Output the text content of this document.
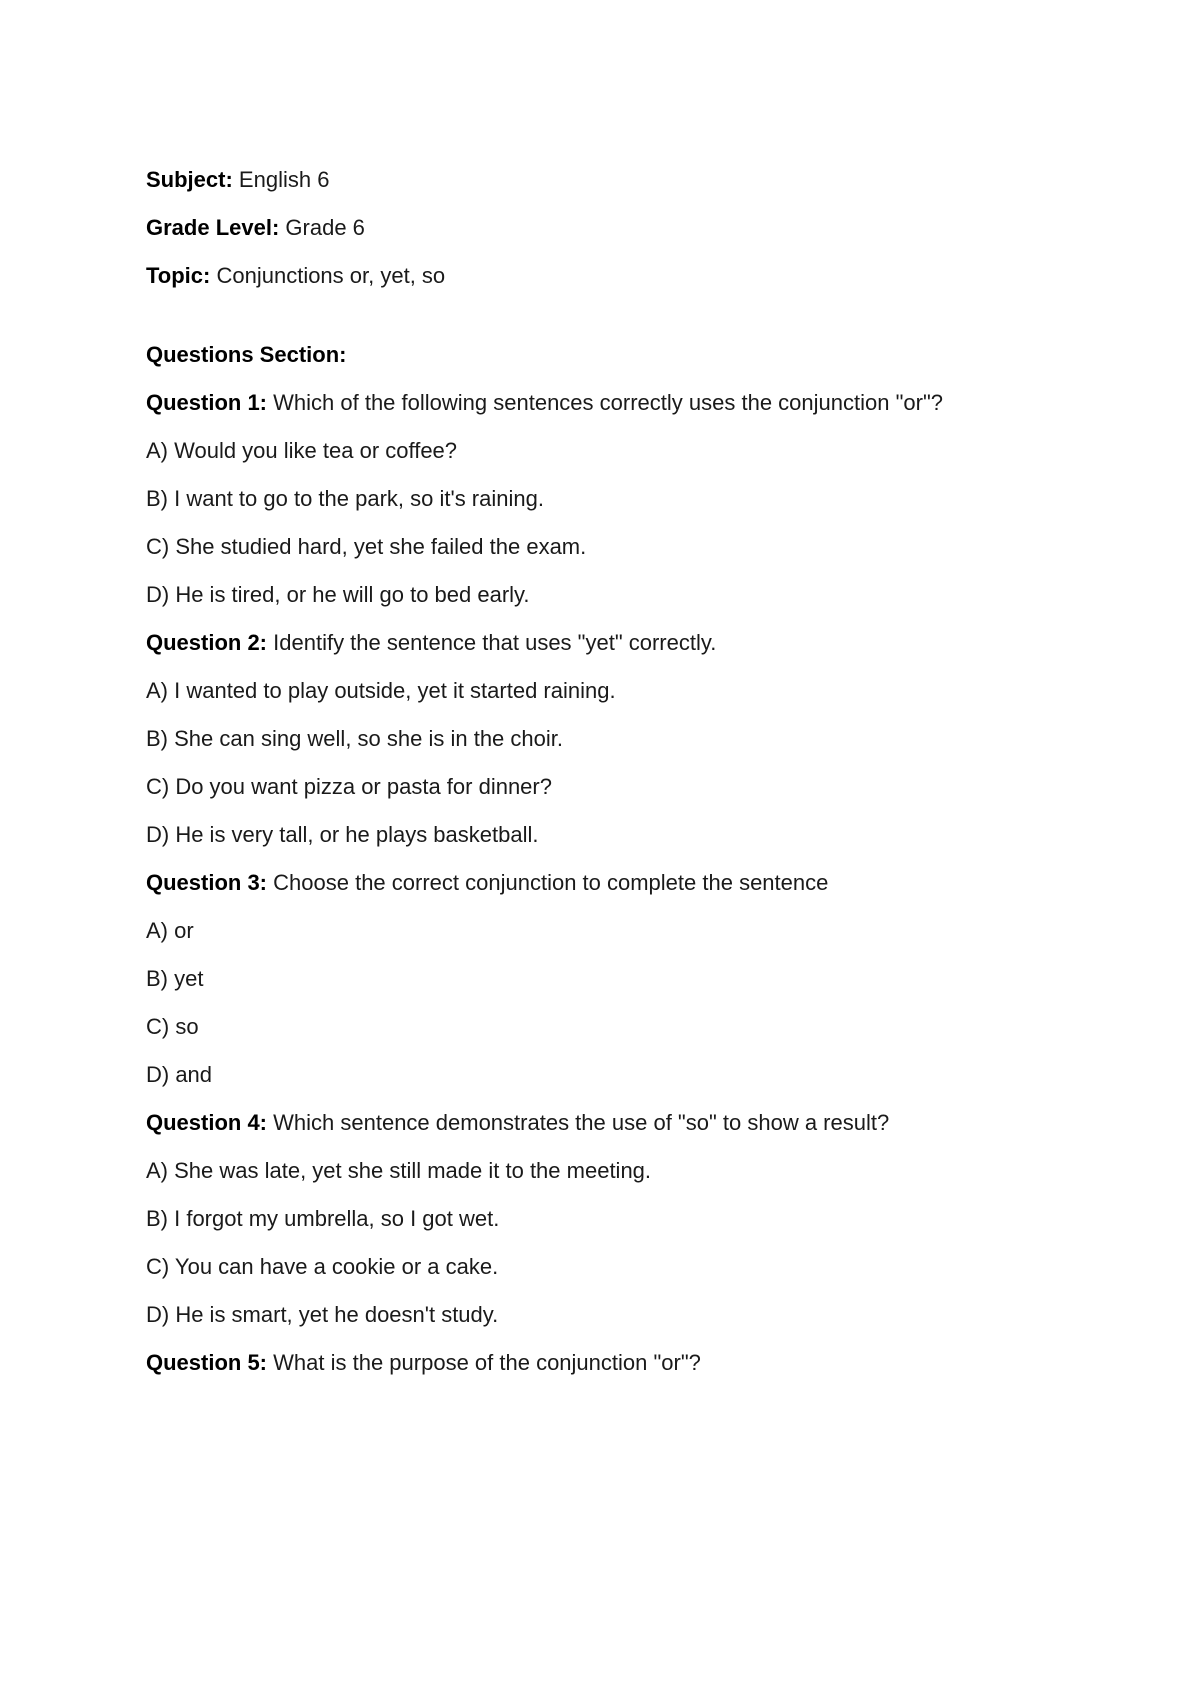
Subject: English 6
Grade Level: Grade 6
Topic: Conjunctions or, yet, so
Questions Section:
Question 1: Which of the following sentences correctly uses the conjunction "or"?
A) Would you like tea or coffee?
B) I want to go to the park, so it's raining.
C) She studied hard, yet she failed the exam.
D) He is tired, or he will go to bed early.
Question 2: Identify the sentence that uses "yet" correctly.
A) I wanted to play outside, yet it started raining.
B) She can sing well, so she is in the choir.
C) Do you want pizza or pasta for dinner?
D) He is very tall, or he plays basketball.
Question 3: Choose the correct conjunction to complete the sentence
A) or
B) yet
C) so
D) and
Question 4: Which sentence demonstrates the use of "so" to show a result?
A) She was late, yet she still made it to the meeting.
B) I forgot my umbrella, so I got wet.
C) You can have a cookie or a cake.
D) He is smart, yet he doesn't study.
Question 5: What is the purpose of the conjunction "or"?
